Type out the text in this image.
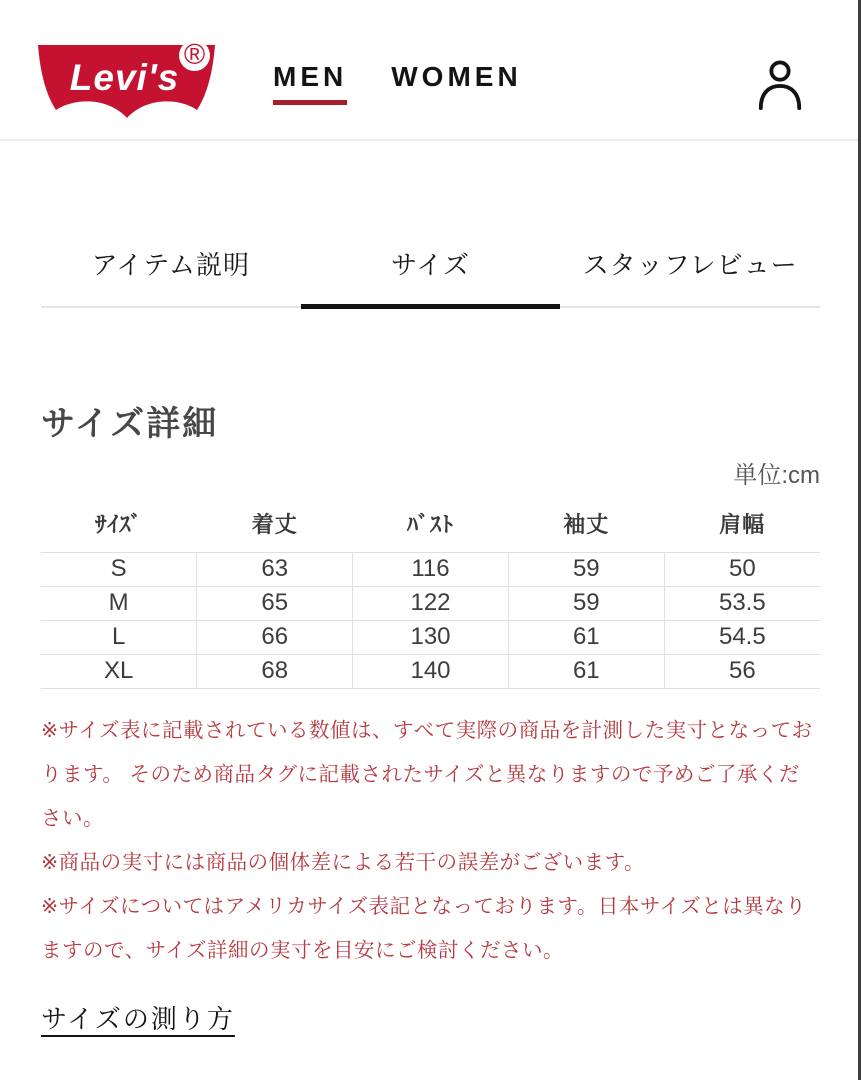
Levi's
®
MEN WOMEN
アイテム説明	サイズ	スタッフレビュー
サイズ詳細
単位:cm
ｻｲｽﾞ	着丈	ﾊﾞｽﾄ	袖丈	肩幅
S	63	116	59	50
M	65	122	59	53.5
L	66	130	61	54.5
XL	68	140	61	56

※サイズ表に記載されている数値は、すべて実際の商品を計測した実寸となっております。 そのため商品タグに記載されたサイズと異なりますので予めご了承ください。

※商品の実寸には商品の個体差による若干の誤差がございます。

※サイズについてはアメリカサイズ表記となっております。日本サイズとは異なりますので、サイズ詳細の実寸を目安にご検討ください。

サイズの測り方
